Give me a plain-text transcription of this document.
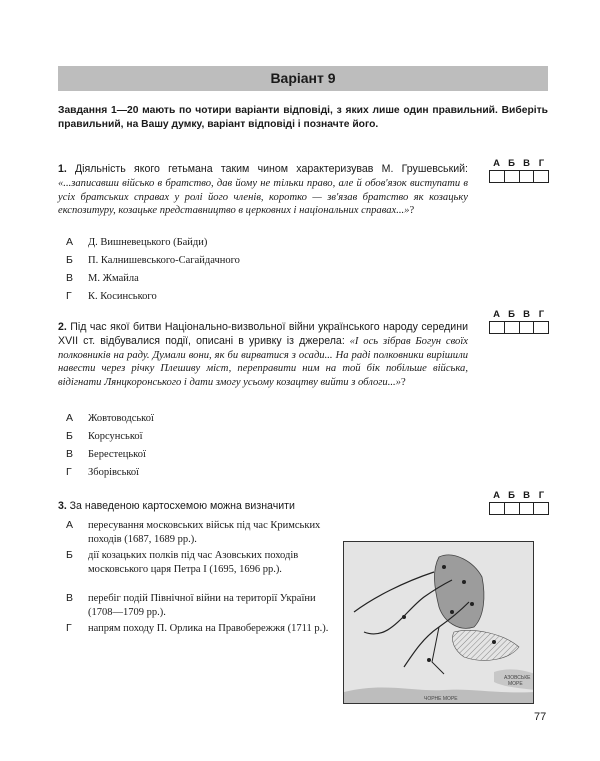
Варіант 9
Завдання 1—20 мають по чотири варіанти відповіді, з яких лише один правильний. Виберіть правильний, на Вашу думку, варіант відповіді і позначте його.
1. Діяльність якого гетьмана таким чином характеризував М. Грушевський: «...записавши військо в братство, дав йому не тільки право, але й обов'язок виступати в усіх братських справах у ролі його членів, коротко — зв'язав братство як козацьку експозитуру, козацьке представництво в церковних і національних справах...»?
А Б В Г
А Д. Вишневецького (Байди)
Б П. Калнишевського-Сагайдачного
В М. Жмайла
Г К. Косинського
2. Під час якої битви Національно-визвольної війни українського народу середини XVII ст. відбувалися події, описані в уривку із джерела: «І ось зібрав Богун своїх полковників на раду. Думали вони, як би вирватися з осади... На раді полковники вирішили навести через річку Плешиву міст, переправити ним на той бік побільше війська, відігнати Лянцкоронського і дати змогу усьому козацтву вийти з облоги...»?
А Б В Г
А Жовтоводської
Б Корсунської
В Берестецької
Г Зборівської
3. За наведеною картосхемою можна визначити
А Б В Г
А пересування московських військ під час Кримських походів (1687, 1689 рр.).
Б дії козацьких полків під час Азовських походів московського царя Петра І (1695, 1696 рр.).
В перебіг подій Північної війни на території України (1708—1709 рр.).
Г напрям походу П. Орлика на Правобережжя (1711 р.).
ЧОРНЕ МОРЕ
АЗОВСЬКЕ
МОРЕ
77
